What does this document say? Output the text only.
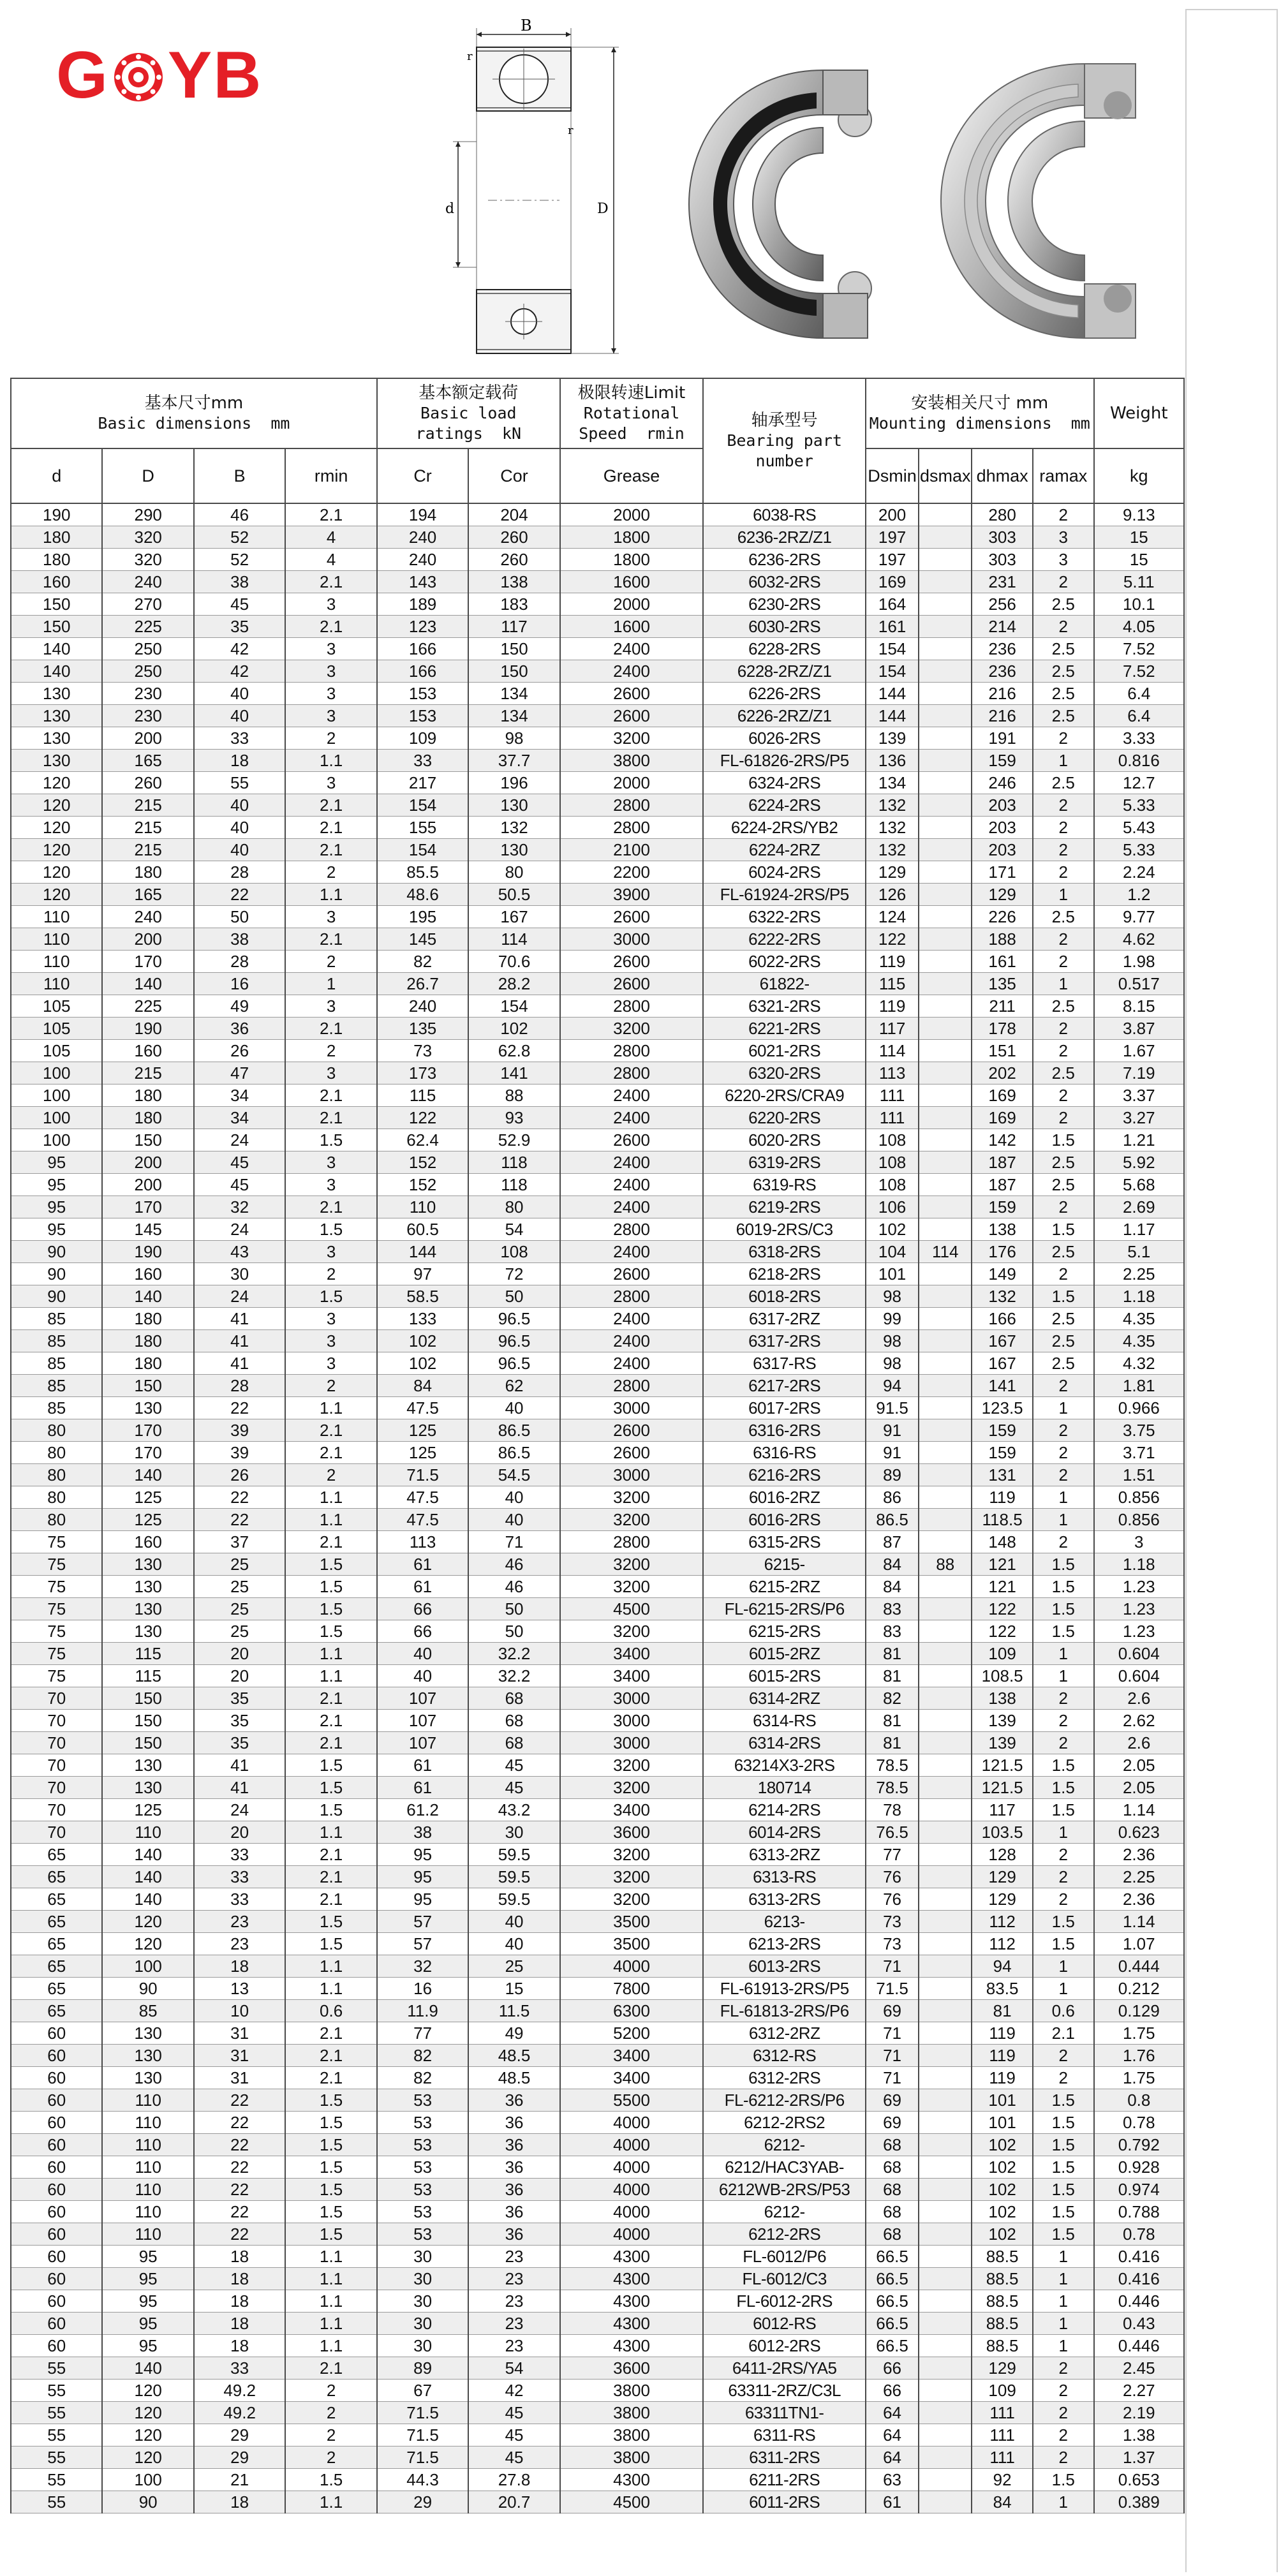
G YB
B
r
r
d	D
基本尺寸mm
Basic dimensions  mm				基本额定载荷
Basic load
ratings  kN		极限转速Limit
Rotational
Speed  rmin	轴承型号
Bearing part
number	安装相关尺寸 mm
Mounting dimensions  mm				Weight

d	D	B	rmin	Cr	Cor	Grease		Dsmin	dsmax	dhmax	ramax	kg
190	290	46	2.1	194	204	2000	6038-RS	200		280	2	9.13
180	320	52	4	240	260	1800	6236-2RZ/Z1	197		303	3	15
180	320	52	4	240	260	1800	6236-2RS	197		303	3	15
160	240	38	2.1	143	138	1600	6032-2RS	169		231	2	5.11
150	270	45	3	189	183	2000	6230-2RS	164		256	2.5	10.1
150	225	35	2.1	123	117	1600	6030-2RS	161		214	2	4.05
140	250	42	3	166	150	2400	6228-2RS	154		236	2.5	7.52
140	250	42	3	166	150	2400	6228-2RZ/Z1	154		236	2.5	7.52
130	230	40	3	153	134	2600	6226-2RS	144		216	2.5	6.4
130	230	40	3	153	134	2600	6226-2RZ/Z1	144		216	2.5	6.4
130	200	33	2	109	98	3200	6026-2RS	139		191	2	3.33
130	165	18	1.1	33	37.7	3800	FL-61826-2RS/P5	136		159	1	0.816
120	260	55	3	217	196	2000	6324-2RS	134		246	2.5	12.7
120	215	40	2.1	154	130	2800	6224-2RS	132		203	2	5.33
120	215	40	2.1	155	132	2800	6224-2RS/YB2	132		203	2	5.43
120	215	40	2.1	154	130	2100	6224-2RZ	132		203	2	5.33
120	180	28	2	85.5	80	2200	6024-2RS	129		171	2	2.24
120	165	22	1.1	48.6	50.5	3900	FL-61924-2RS/P5	126		129	1	1.2
110	240	50	3	195	167	2600	6322-2RS	124		226	2.5	9.77
110	200	38	2.1	145	114	3000	6222-2RS	122		188	2	4.62
110	170	28	2	82	70.6	2600	6022-2RS	119		161	2	1.98
110	140	16	1	26.7	28.2	2600	61822-	115		135	1	0.517
105	225	49	3	240	154	2800	6321-2RS	119		211	2.5	8.15
105	190	36	2.1	135	102	3200	6221-2RS	117		178	2	3.87
105	160	26	2	73	62.8	2800	6021-2RS	114		151	2	1.67
100	215	47	3	173	141	2800	6320-2RS	113		202	2.5	7.19
100	180	34	2.1	115	88	2400	6220-2RS/CRA9	111		169	2	3.37
100	180	34	2.1	122	93	2400	6220-2RS	111		169	2	3.27
100	150	24	1.5	62.4	52.9	2600	6020-2RS	108		142	1.5	1.21
95	200	45	3	152	118	2400	6319-2RS	108		187	2.5	5.92
95	200	45	3	152	118	2400	6319-RS	108		187	2.5	5.68
95	170	32	2.1	110	80	2400	6219-2RS	106		159	2	2.69
95	145	24	1.5	60.5	54	2800	6019-2RS/C3	102		138	1.5	1.17
90	190	43	3	144	108	2400	6318-2RS	104	114	176	2.5	5.1
90	160	30	2	97	72	2600	6218-2RS	101		149	2	2.25
90	140	24	1.5	58.5	50	2800	6018-2RS	98		132	1.5	1.18
85	180	41	3	133	96.5	2400	6317-2RZ	99		166	2.5	4.35
85	180	41	3	102	96.5	2400	6317-2RS	98		167	2.5	4.35
85	180	41	3	102	96.5	2400	6317-RS	98		167	2.5	4.32
85	150	28	2	84	62	2800	6217-2RS	94		141	2	1.81
85	130	22	1.1	47.5	40	3000	6017-2RS	91.5		123.5	1	0.966
80	170	39	2.1	125	86.5	2600	6316-2RS	91		159	2	3.75
80	170	39	2.1	125	86.5	2600	6316-RS	91		159	2	3.71
80	140	26	2	71.5	54.5	3000	6216-2RS	89		131	2	1.51
80	125	22	1.1	47.5	40	3200	6016-2RZ	86		119	1	0.856
80	125	22	1.1	47.5	40	3200	6016-2RS	86.5		118.5	1	0.856
75	160	37	2.1	113	71	2800	6315-2RS	87		148	2	3
75	130	25	1.5	61	46	3200	6215-	84	88	121	1.5	1.18
75	130	25	1.5	61	46	3200	6215-2RZ	84		121	1.5	1.23
75	130	25	1.5	66	50	4500	FL-6215-2RS/P6	83		122	1.5	1.23
75	130	25	1.5	66	50	3200	6215-2RS	83		122	1.5	1.23
75	115	20	1.1	40	32.2	3400	6015-2RZ	81		109	1	0.604
75	115	20	1.1	40	32.2	3400	6015-2RS	81		108.5	1	0.604
70	150	35	2.1	107	68	3000	6314-2RZ	82		138	2	2.6
70	150	35	2.1	107	68	3000	6314-RS	81		139	2	2.62
70	150	35	2.1	107	68	3000	6314-2RS	81		139	2	2.6
70	130	41	1.5	61	45	3200	63214X3-2RS	78.5		121.5	1.5	2.05
70	130	41	1.5	61	45	3200	180714	78.5		121.5	1.5	2.05
70	125	24	1.5	61.2	43.2	3400	6214-2RS	78		117	1.5	1.14
70	110	20	1.1	38	30	3600	6014-2RS	76.5		103.5	1	0.623
65	140	33	2.1	95	59.5	3200	6313-2RZ	77		128	2	2.36
65	140	33	2.1	95	59.5	3200	6313-RS	76		129	2	2.25
65	140	33	2.1	95	59.5	3200	6313-2RS	76		129	2	2.36
65	120	23	1.5	57	40	3500	6213-	73		112	1.5	1.14
65	120	23	1.5	57	40	3500	6213-2RS	73		112	1.5	1.07
65	100	18	1.1	32	25	4000	6013-2RS	71		94	1	0.444
65	90	13	1.1	16	15	7800	FL-61913-2RS/P5	71.5		83.5	1	0.212
65	85	10	0.6	11.9	11.5	6300	FL-61813-2RS/P6	69		81	0.6	0.129
60	130	31	2.1	77	49	5200	6312-2RZ	71		119	2.1	1.75
60	130	31	2.1	82	48.5	3400	6312-RS	71		119	2	1.76
60	130	31	2.1	82	48.5	3400	6312-2RS	71		119	2	1.75
60	110	22	1.5	53	36	5500	FL-6212-2RS/P6	69		101	1.5	0.8
60	110	22	1.5	53	36	4000	6212-2RS2	69		101	1.5	0.78
60	110	22	1.5	53	36	4000	6212-	68		102	1.5	0.792
60	110	22	1.5	53	36	4000	6212/HAC3YAB-	68		102	1.5	0.928
60	110	22	1.5	53	36	4000	6212WB-2RS/P53	68		102	1.5	0.974
60	110	22	1.5	53	36	4000	6212-	68		102	1.5	0.788
60	110	22	1.5	53	36	4000	6212-2RS	68		102	1.5	0.78
60	95	18	1.1	30	23	4300	FL-6012/P6	66.5		88.5	1	0.416
60	95	18	1.1	30	23	4300	FL-6012/C3	66.5		88.5	1	0.416
60	95	18	1.1	30	23	4300	FL-6012-2RS	66.5		88.5	1	0.446
60	95	18	1.1	30	23	4300	6012-RS	66.5		88.5	1	0.43
60	95	18	1.1	30	23	4300	6012-2RS	66.5		88.5	1	0.446
55	140	33	2.1	89	54	3600	6411-2RS/YA5	66		129	2	2.45
55	120	49.2	2	67	42	3800	63311-2RZ/C3L	66		109	2	2.27
55	120	49.2	2	71.5	45	3800	63311TN1-	64		111	2	2.19
55	120	29	2	71.5	45	3800	6311-RS	64		111	2	1.38
55	120	29	2	71.5	45	3800	6311-2RS	64		111	2	1.37
55	100	21	1.5	44.3	27.8	4300	6211-2RS	63		92	1.5	0.653
55	90	18	1.1	29	20.7	4500	6011-2RS	61		84	1	0.389
